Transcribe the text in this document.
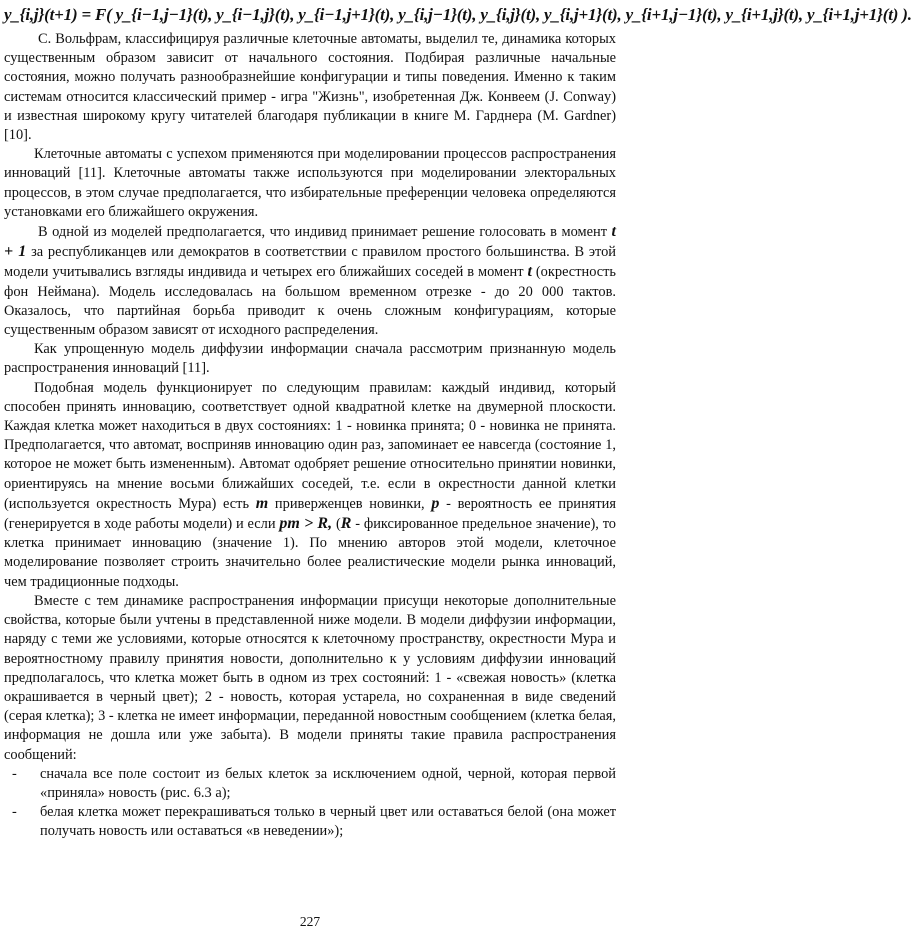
y_{i,j}(t+1) = F( y_{i−1,j−1}(t), y_{i−1,j}(t), y_{i−1,j+1}(t), y_{i,j−1}(t), y_{i,j}(t), y_{i,j+1}(t), y_{i+1,j−1}(t), y_{i+1,j}(t), y_{i+1,j+1}(t) ).

С. Вольфрам, классифицируя различные клеточные автоматы, выделил те, динамика которых существенным образом зависит от начального состояния. Подбирая различные начальные состояния, можно получать разнообразнейшие конфигурации и типы поведения. Именно к таким системам относится классический пример - игра "Жизнь", изобретенная Дж. Конвеем (J. Conway) и известная широкому кругу читателей благодаря публикации в книге М. Гарднера (M. Gardner) [10].

Клеточные автоматы с успехом применяются при моделировании процессов распространения инноваций [11]. Клеточные автоматы также используются при моделировании электоральных процессов, в этом случае предполагается, что избирательные преференции человека определяются установками его ближайшего окружения.

В одной из моделей предполагается, что индивид принимает решение голосовать в момент t + 1 за республиканцев или демократов в соответствии с правилом простого большинства. В этой модели учитывались взгляды индивида и четырех его ближайших соседей в момент t (окрестность фон Неймана). Модель исследовалась на большом временном отрезке - до 20 000 тактов. Оказалось, что партийная борьба приводит к очень сложным конфигурациям, которые существенным образом зависят от исходного распределения.

Как упрощенную модель диффузии информации сначала рассмотрим признанную модель распространения инноваций [11].

Подобная модель функционирует по следующим правилам: каждый индивид, который способен принять инновацию, соответствует одной квадратной клетке на двумерной плоскости. Каждая клетка может находиться в двух состояниях: 1 - новинка принята; 0 - новинка не принята. Предполагается, что автомат, восприняв инновацию один раз, запоминает ее навсегда (состояние 1, которое не может быть измененным). Автомат одобряет решение относительно принятии новинки, ориентируясь на мнение восьми ближайших соседей, т.е. если в окрестности данной клетки (используется окрестность Мура) есть m приверженцев новинки, p - вероятность ее принятия (генерируется в ходе работы модели) и если pm > R, (R - фиксированное предельное значение), то клетка принимает инновацию (значение 1). По мнению авторов этой модели, клеточное моделирование позволяет строить значительно более реалистические модели рынка инноваций, чем традиционные подходы.

Вместе с тем динамике распространения информации присущи некоторые дополнительные свойства, которые были учтены в представленной ниже модели. В модели диффузии информации, наряду с теми же условиями, которые относятся к клеточному пространству, окрестности Мура и вероятностному правилу принятия новости, дополнительно к у условиям диффузии инноваций предполагалось, что клетка может быть в одном из трех состояний: 1 - «свежая новость» (клетка окрашивается в черный цвет); 2 - новость, которая устарела, но сохраненная в виде сведений (серая клетка); 3 - клетка не имеет информации, переданной новостным сообщением (клетка белая, информация не дошла или уже забыта). В модели приняты такие правила распространения сообщений:

- сначала все поле состоит из белых клеток за исключением одной, черной, которая первой «приняла» новость (рис. 6.3 а);
- белая клетка может перекрашиваться только в черный цвет или оставаться белой (она может получать новость или оставаться «в неведении»);
227
